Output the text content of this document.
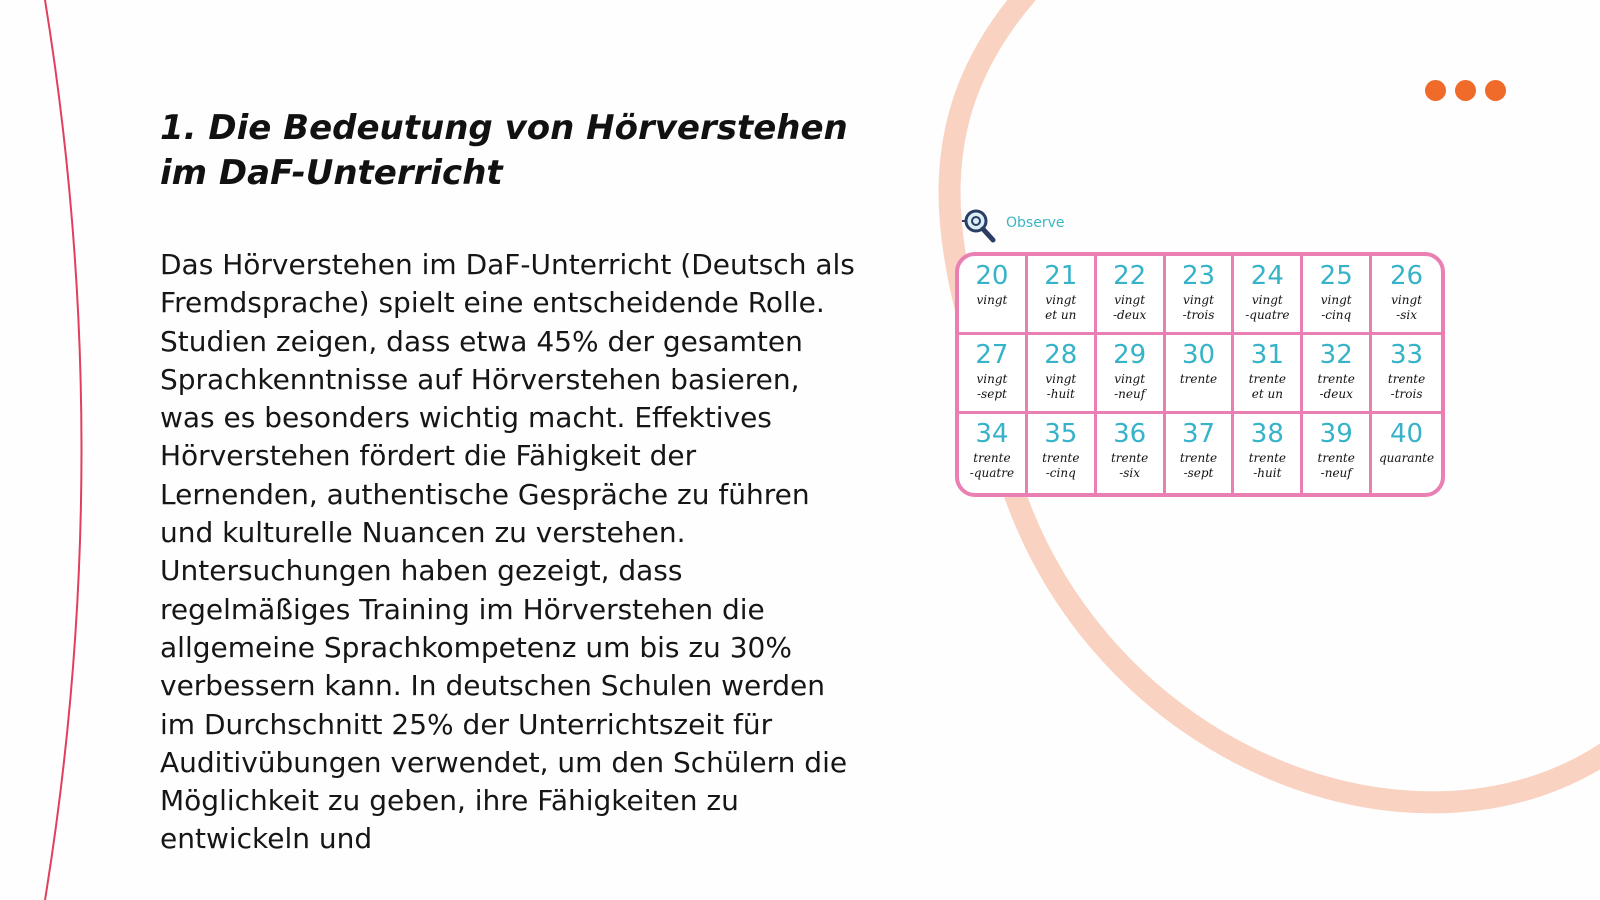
1. Die Bedeutung von Hörverstehen im DaF-Unterricht

Das Hörverstehen im DaF-Unterricht (Deutsch als Fremdsprache) spielt eine entscheidende Rolle. Studien zeigen, dass etwa 45% der gesamten Sprachkenntnisse auf Hörverstehen basieren, was es besonders wichtig macht. Effektives Hörverstehen fördert die Fähigkeit der Lernenden, authentische Gespräche zu führen und kulturelle Nuancen zu verstehen. Untersuchungen haben gezeigt, dass regelmäßiges Training im Hörverstehen die allgemeine Sprachkompetenz um bis zu 30% verbessern kann. In deutschen Schulen werden im Durchschnitt 25% der Unterrichtszeit für Auditivübungen verwendet, um den Schülern die Möglichkeit zu geben, ihre Fähigkeiten zu entwickeln und

Observe
20
vingt
21
vingt
et un
22
vingt
-deux
23
vingt
-trois
24
vingt
-quatre
25
vingt
-cinq
26
vingt
-six
27
vingt
-sept
28
vingt
-huit
29
vingt
-neuf
30
trente
31
trente
et un
32
trente
-deux
33
trente
-trois
34
trente
-quatre
35
trente
-cinq
36
trente
-six
37
trente
-sept
38
trente
-huit
39
trente
-neuf
40
quarante
